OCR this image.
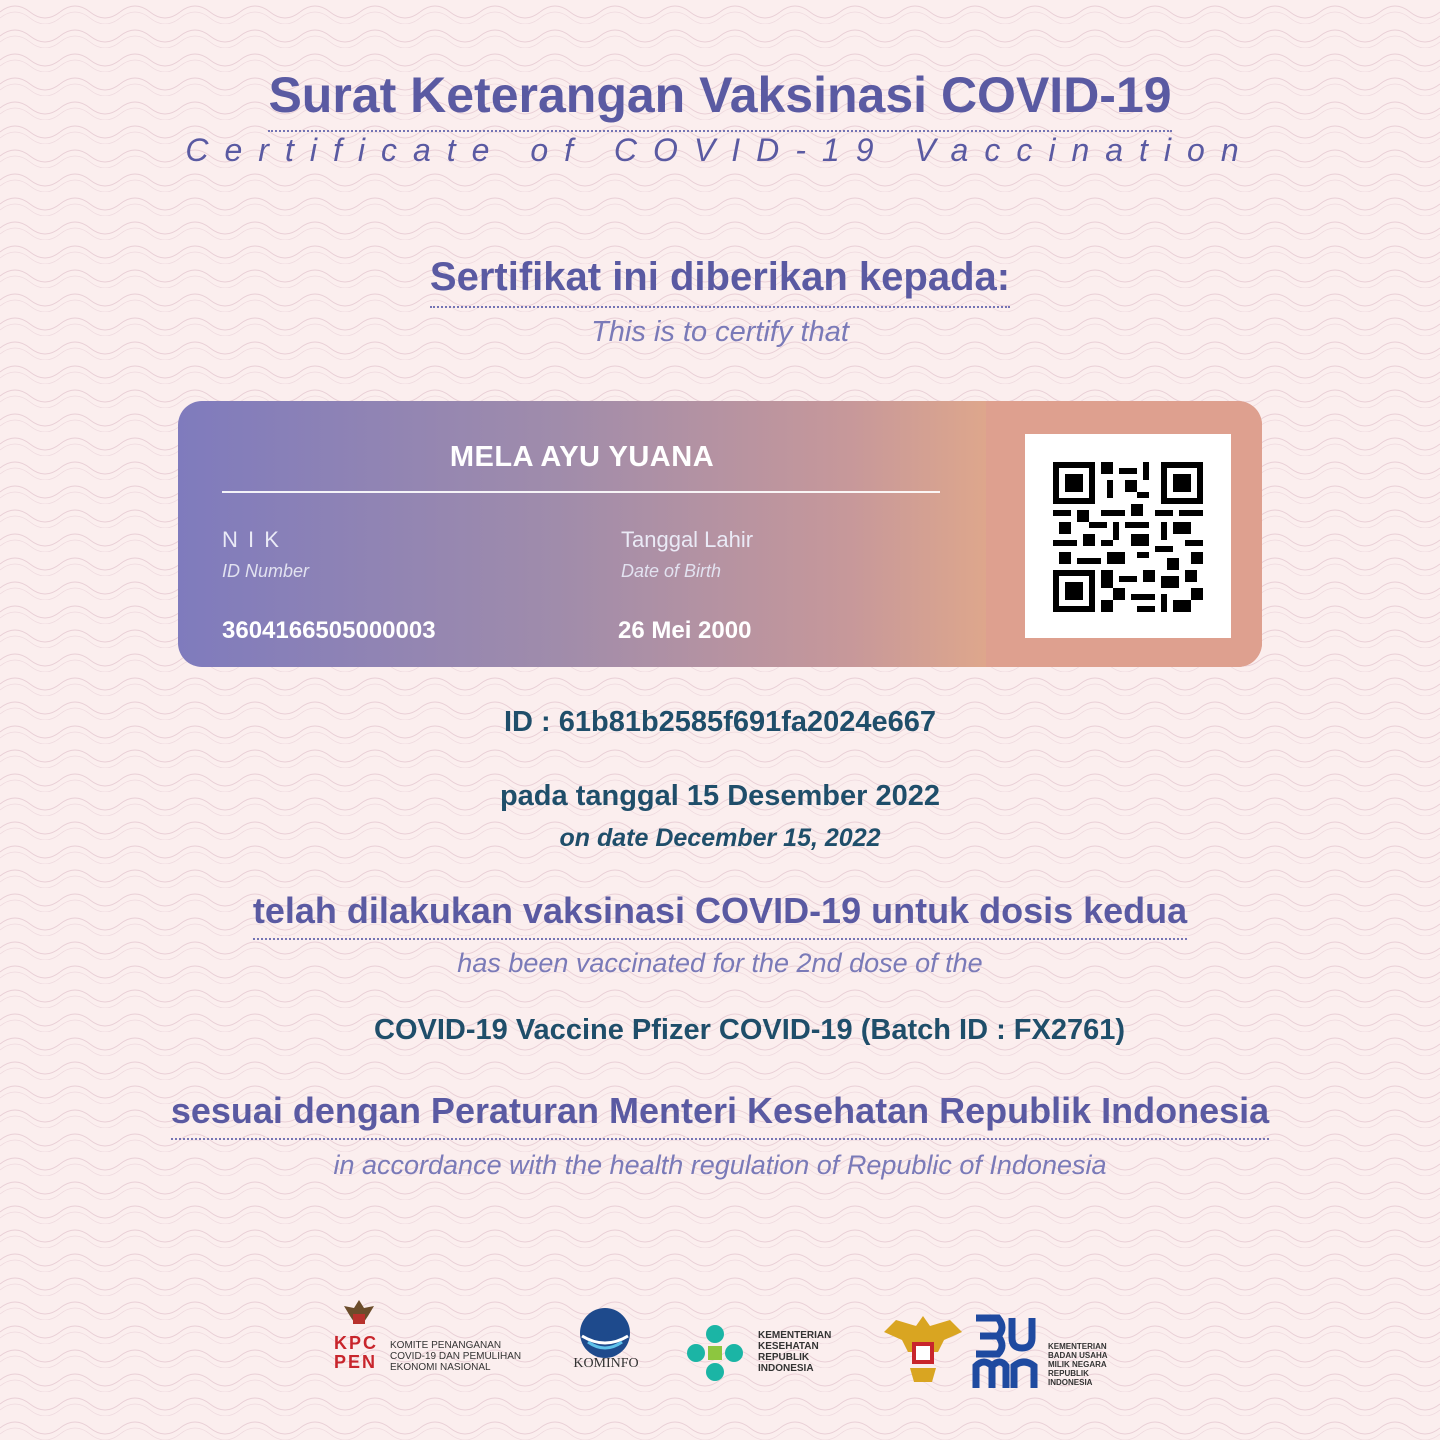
Surat Keterangan Vaksinasi COVID-19
Certificate of COVID-19 Vaccination
Sertifikat ini diberikan kepada:
This is to certify that
MELA AYU YUANA
N I K
ID Number
3604166505000003
Tanggal Lahir
Date of Birth
26 Mei 2000
ID : 61b81b2585f691fa2024e667
pada tanggal 15 Desember 2022
on date December 15, 2022
telah dilakukan vaksinasi COVID-19 untuk dosis kedua
has been vaccinated for the 2nd dose of the
COVID-19 Vaccine Pfizer COVID-19 (Batch ID : FX2761)
sesuai dengan Peraturan Menteri Kesehatan Republik Indonesia
in accordance with the health regulation of Republic of Indonesia
KPC PEN
KOMITE PENANGANAN COVID-19 DAN PEMULIHAN EKONOMI NASIONAL	KOMINFO
KEMENTERIAN KESEHATAN REPUBLIK INDONESIA
KEMENTERIAN BADAN USAHA MILIK NEGARA REPUBLIK INDONESIA
